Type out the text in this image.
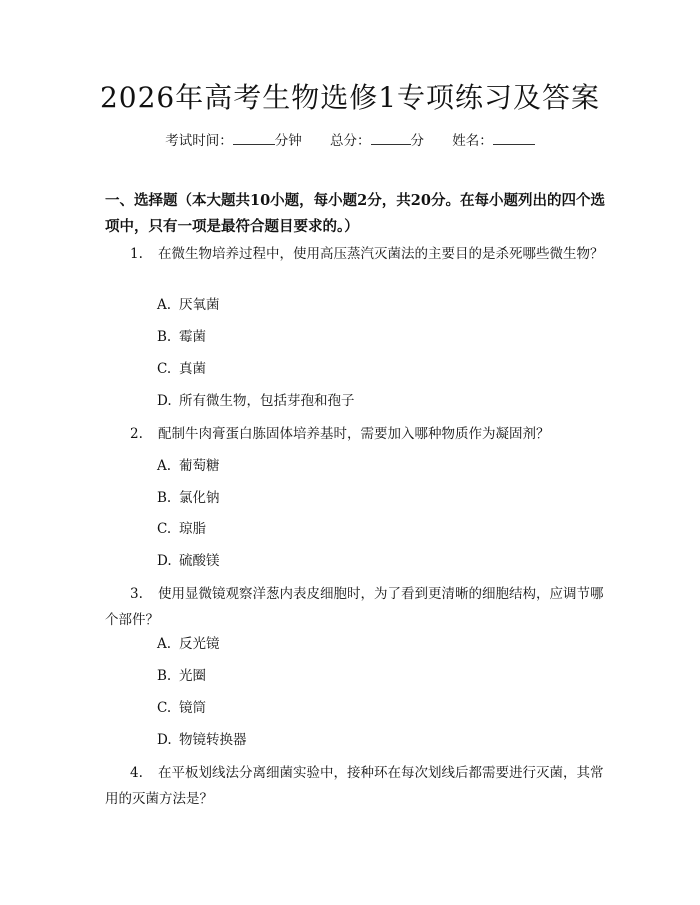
2026年高考生物选修1专项练习及答案
考试时间：	分钟 总分：	分 姓名：
一、选择题（本大题共10小题，每小题2分，共20分。在每小题列出的四个选项中，只有一项是最符合题目要求的。）
1. 在微生物培养过程中，使用高压蒸汽灭菌法的主要目的是杀死哪些微生物？
A. 厌氧菌
B. 霉菌
C. 真菌
D. 所有微生物，包括芽孢和孢子
2. 配制牛肉膏蛋白胨固体培养基时，需要加入哪种物质作为凝固剂？
A. 葡萄糖
B. 氯化钠
C. 琼脂
D. 硫酸镁
3. 使用显微镜观察洋葱内表皮细胞时，为了看到更清晰的细胞结构，应调节哪个部件？
A. 反光镜
B. 光圈
C. 镜筒
D. 物镜转换器
4. 在平板划线法分离细菌实验中，接种环在每次划线后都需要进行灭菌，其常用的灭菌方法是？
